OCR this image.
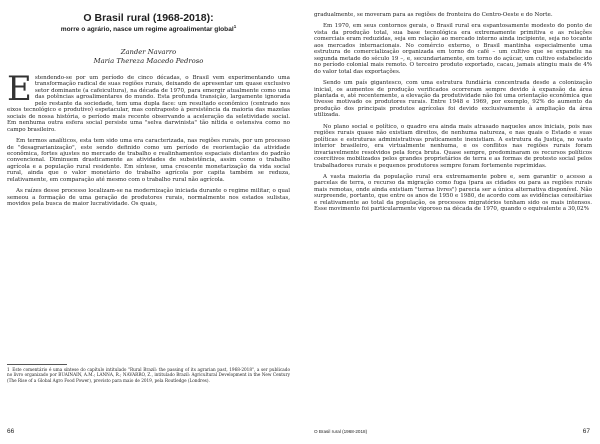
O Brasil rural (1968-2018):
morre o agrário, nasce um regime agroalimentar global$^1$
Zander Navarro
Maria Thereza Macedo Pedroso

Estendendo-se por um período de cinco décadas, o Brasil vem experimentando uma transformação radical de suas regiões rurais, deixando de apresentar um quase exclusivo setor dominante (a cafeicultura), na década de 1970, para emergir atualmente como uma das potências agroalimentares do mundo. Esta profunda transição, largamente ignorada pelo restante da sociedade, tem uma dupla face: um resultado econômico (centrado nos eixos tecnológico e produtivo) espetacular, mas contraposto à persistência da maioria das mazelas sociais de nossa história, o período mais recente observando a aceleração da seletividade social. Em nenhuma outra esfera social persiste uma "selva darwinista" tão nítida e ostensiva como no campo brasileiro.

Em termos analíticos, esta tem sido uma era caracterizada, nas regiões rurais, por um processo de "desagrarianização", este sendo definido como um período de reorientação da atividade econômica, fortes ajustes no mercado de trabalho e realinhamentos espaciais distantes do padrão convencional. Diminuem drasticamente as atividades de subsistência, assim como o trabalho agrícola e a população rural residente. Em síntese, uma crescente monetarização da vida social rural, ainda que o valor monetário do trabalho agrícola por capita também se reduza, relativamente, em comparação até mesmo com o trabalho rural não agrícola.

As raízes desse processo localizam-se na modernização iniciada durante o regime militar, o qual semeou a formação de uma geração de produtores rurais, normalmente nos estados sulistas, movidos pela busca de maior lucratividade. Os quais,

1 Este comentário é uma síntese do capítulo intitulado "Rural Brazil: the passing of its agrarian past, 1968-2018", a ser publicado no livro organizado por BUAINAIN, A.M.; LANNA, R.; NAVARRO, Z., intitulado Brazil: Agricultural Development in the New Century (The Rise of a Global Agro Food Power), previsto para maio de 2019, pela Routledge (Londres).
66

gradualmente, se moveram para as regiões de fronteira do Centro-Oeste e do Norte.

Em 1970, em seus contornos gerais, o Brasil rural era espantosamente modesto do ponto de vista da produção total, sua base tecnológica era extremamente primitiva e as relações comerciais eram reduzidas, seja em relação ao mercado interno ainda incipiente, seja no tocante aos mercados internacionais. No comércio externo, o Brasil mantinha especialmente uma estrutura de comercialização organizada em torno do café – um cultivo que se expandiu na segunda metade do século 19 –, e, secundariamente, em torno do açúcar, um cultivo estabelecido no período colonial mais remoto. O terceiro produto exportado, cacau, jamais atingiu mais de 4% do valor total das exportações.

Sendo um país gigantesco, com uma estrutura fundiária concentrada desde a colonização inicial, os aumentos de produção verificados ocorreram sempre devido à expansão da área plantada e, até recentemente, a elevação da produtividade não foi uma orientação econômica que tivesse motivado os produtores rurais. Entre 1948 e 1969, por exemplo, 92% do aumento da produção dos principais produtos agrícolas foi devido exclusivamente à ampliação da área utilizada.

No plano social e político, o quadro era ainda mais atrasado naqueles anos iniciais, pois nas regiões rurais quase não existiam direitos, de nenhuma natureza, e nas quais o Estado e suas políticas e estruturas administrativas praticamente inexistiam. A estrutura da Justiça, no vasto interior brasileiro, era virtualmente nenhuma, e os conflitos nas regiões rurais foram invariavelmente resolvidos pela força bruta. Quase sempre, predominaram os recursos políticos coercitivos mobilizados pelos grandes proprietários de terra e as formas de protesto social pelos trabalhadores rurais e pequenos produtores sempre foram fortemente reprimidas.

A vasta maioria da população rural era extremamente pobre e, sem garantir o acesso a parcelas de terra, o recurso da migração como fuga (para as cidades ou para as regiões rurais mais remotas, onde ainda existiam "terras livres") parecia ser a única alternativa disponível. Não surpreende, portanto, que entre os anos de 1950 e 1980, de acordo com as evidências censitárias e relativamente ao total da população, os processos migratórios tenham sido os mais intensos. Esse movimento foi particularmente vigoroso na década de 1970, quando o equivalente a 30,02%

O Brasil rural (1968-2018)	67
